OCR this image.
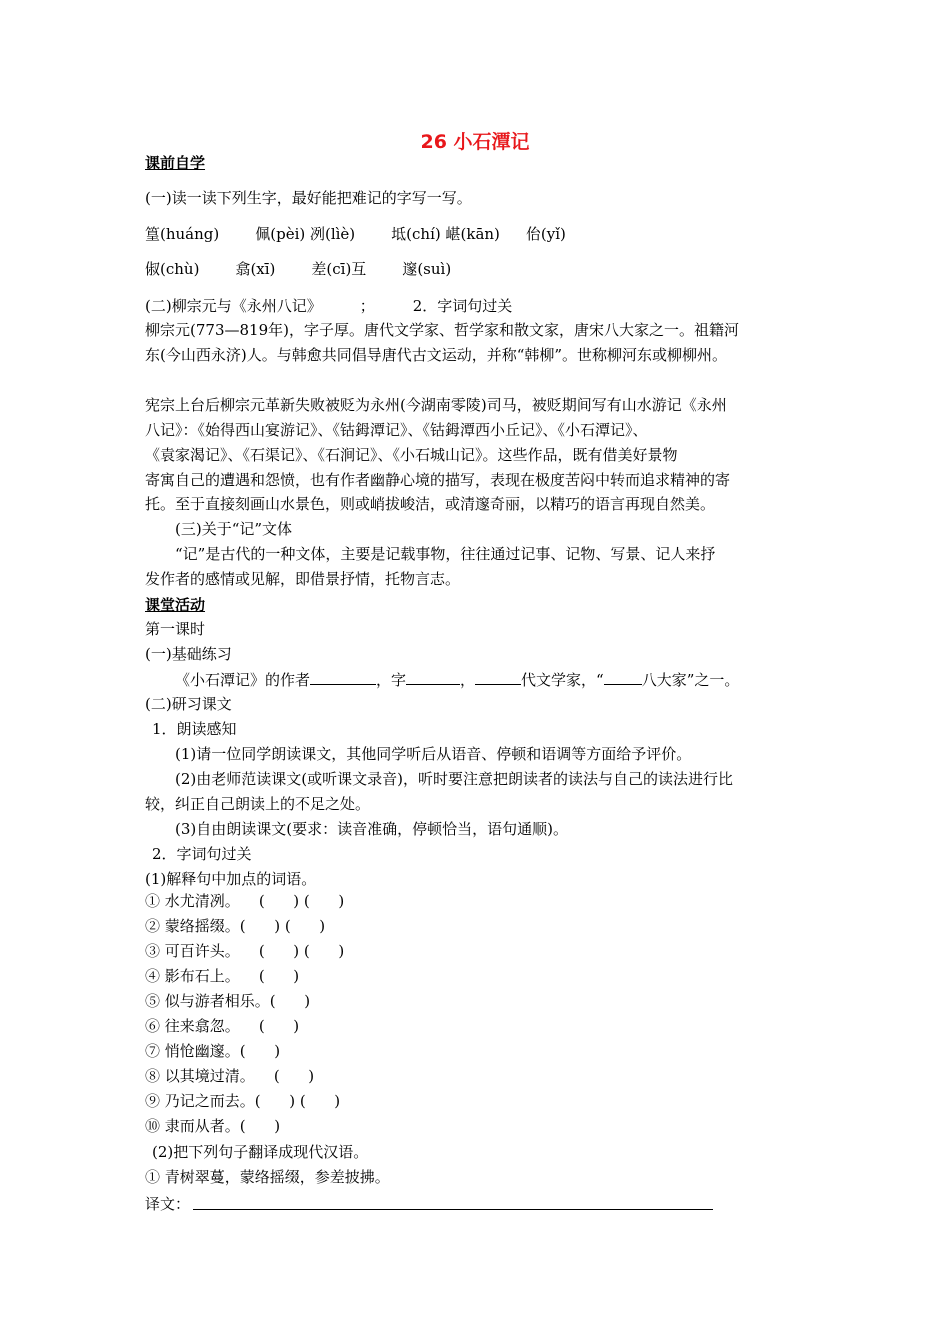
26 小石潭记
课前自学
(一)读一读下列生字，最好能把难记的字写一写。
篁(huáng) 佩(pèi) 冽(lìè) 坻(chí) 嵁(kān) 佁(yǐ)
俶(chù) 翕(xī) 差(cī)互 邃(suì)
(二)柳宗元与《永州八记》	；	2．字词句过关
柳宗元(773—819年)，字子厚。唐代文学家、哲学家和散文家，唐宋八大家之一。祖籍河
东(今山西永济)人。与韩愈共同倡导唐代古文运动，并称“韩柳”。世称柳河东或柳柳州。
宪宗上台后柳宗元革新失败被贬为永州(今湖南零陵)司马，被贬期间写有山水游记《永州
八记》：《始得西山宴游记》、《钴鉧潭记》、《钴鉧潭西小丘记》、《小石潭记》、
《袁家渴记》、《石渠记》、《石涧记》、《小石城山记》。这些作品，既有借美好景物
寄寓自己的遭遇和怨愤，也有作者幽静心境的描写，表现在极度苦闷中转而追求精神的寄
托。至于直接刻画山水景色，则或峭拔峻洁，或清邃奇丽，以精巧的语言再现自然美。
(三)关于“记”文体
“记”是古代的一种文体，主要是记载事物，往往通过记事、记物、写景、记人来抒
发作者的感情或见解，即借景抒情，托物言志。
课堂活动
第一课时
(一)基础练习
《小石潭记》的作者	，字	，	代文学家，“	八大家”之一。
(二)研习课文
1．朗读感知
(1)请一位同学朗读课文，其他同学听后从语音、停顿和语调等方面给予评价。
(2)由老师范读课文(或听课文录音)，听时要注意把朗读者的读法与自己的读法进行比
较，纠正自己朗读上的不足之处。
(3)自由朗读课文(要求：读音准确，停顿恰当，语句通顺)。
2．字词句过关
(1)解释句中加点的词语。
① 水尤清冽。    (      ) (      )
② 蒙络摇缀。(      ) (      )
③ 可百许头。    (      ) (      )
④ 影布石上。    (      )
⑤ 似与游者相乐。(      )
⑥ 往来翕忽。    (      )
⑦ 悄怆幽邃。(      )
⑧ 以其境过清。    (      )
⑨ 乃记之而去。(      ) (      )
⑩ 隶而从者。(      )
(2)把下列句子翻译成现代汉语。
① 青树翠蔓，蒙络摇缀，参差披拂。
译文：
